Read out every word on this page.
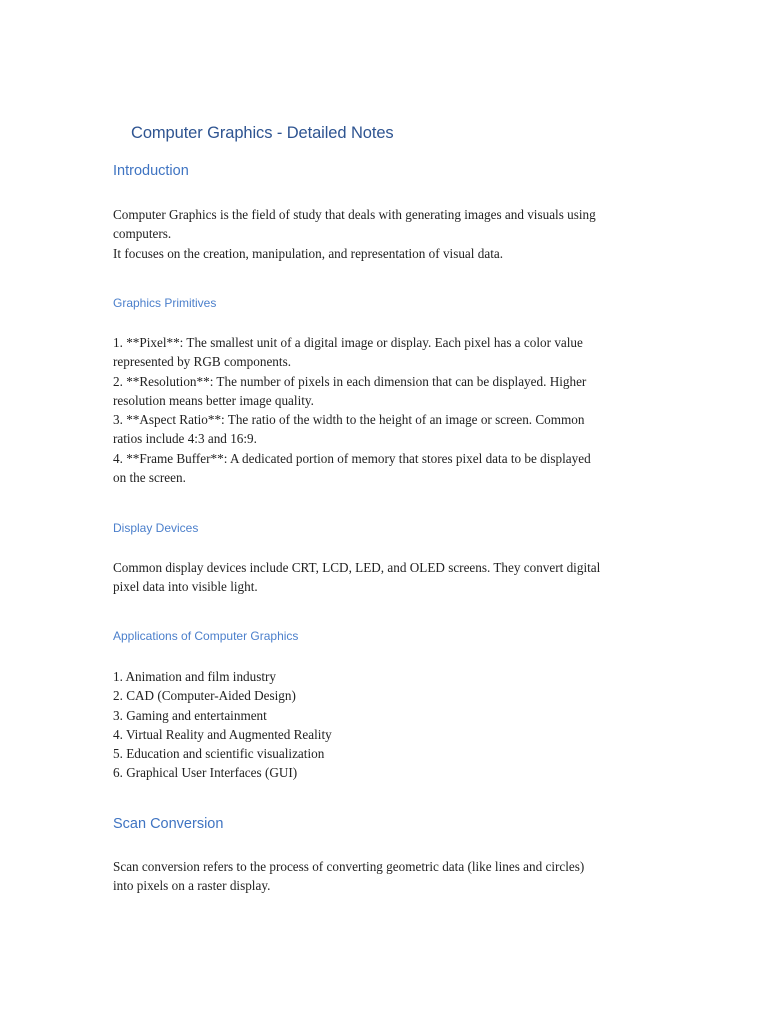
Computer Graphics - Detailed Notes
Introduction
Computer Graphics is the field of study that deals with generating images and visuals using
computers.
It focuses on the creation, manipulation, and representation of visual data.
Graphics Primitives
1. **Pixel**: The smallest unit of a digital image or display. Each pixel has a color value
represented by RGB components.
2. **Resolution**: The number of pixels in each dimension that can be displayed. Higher
resolution means better image quality.
3. **Aspect Ratio**: The ratio of the width to the height of an image or screen. Common
ratios include 4:3 and 16:9.
4. **Frame Buffer**: A dedicated portion of memory that stores pixel data to be displayed
on the screen.
Display Devices
Common display devices include CRT, LCD, LED, and OLED screens. They convert digital
pixel data into visible light.
Applications of Computer Graphics
1. Animation and film industry
2. CAD (Computer-Aided Design)
3. Gaming and entertainment
4. Virtual Reality and Augmented Reality
5. Education and scientific visualization
6. Graphical User Interfaces (GUI)
Scan Conversion
Scan conversion refers to the process of converting geometric data (like lines and circles)
into pixels on a raster display.
